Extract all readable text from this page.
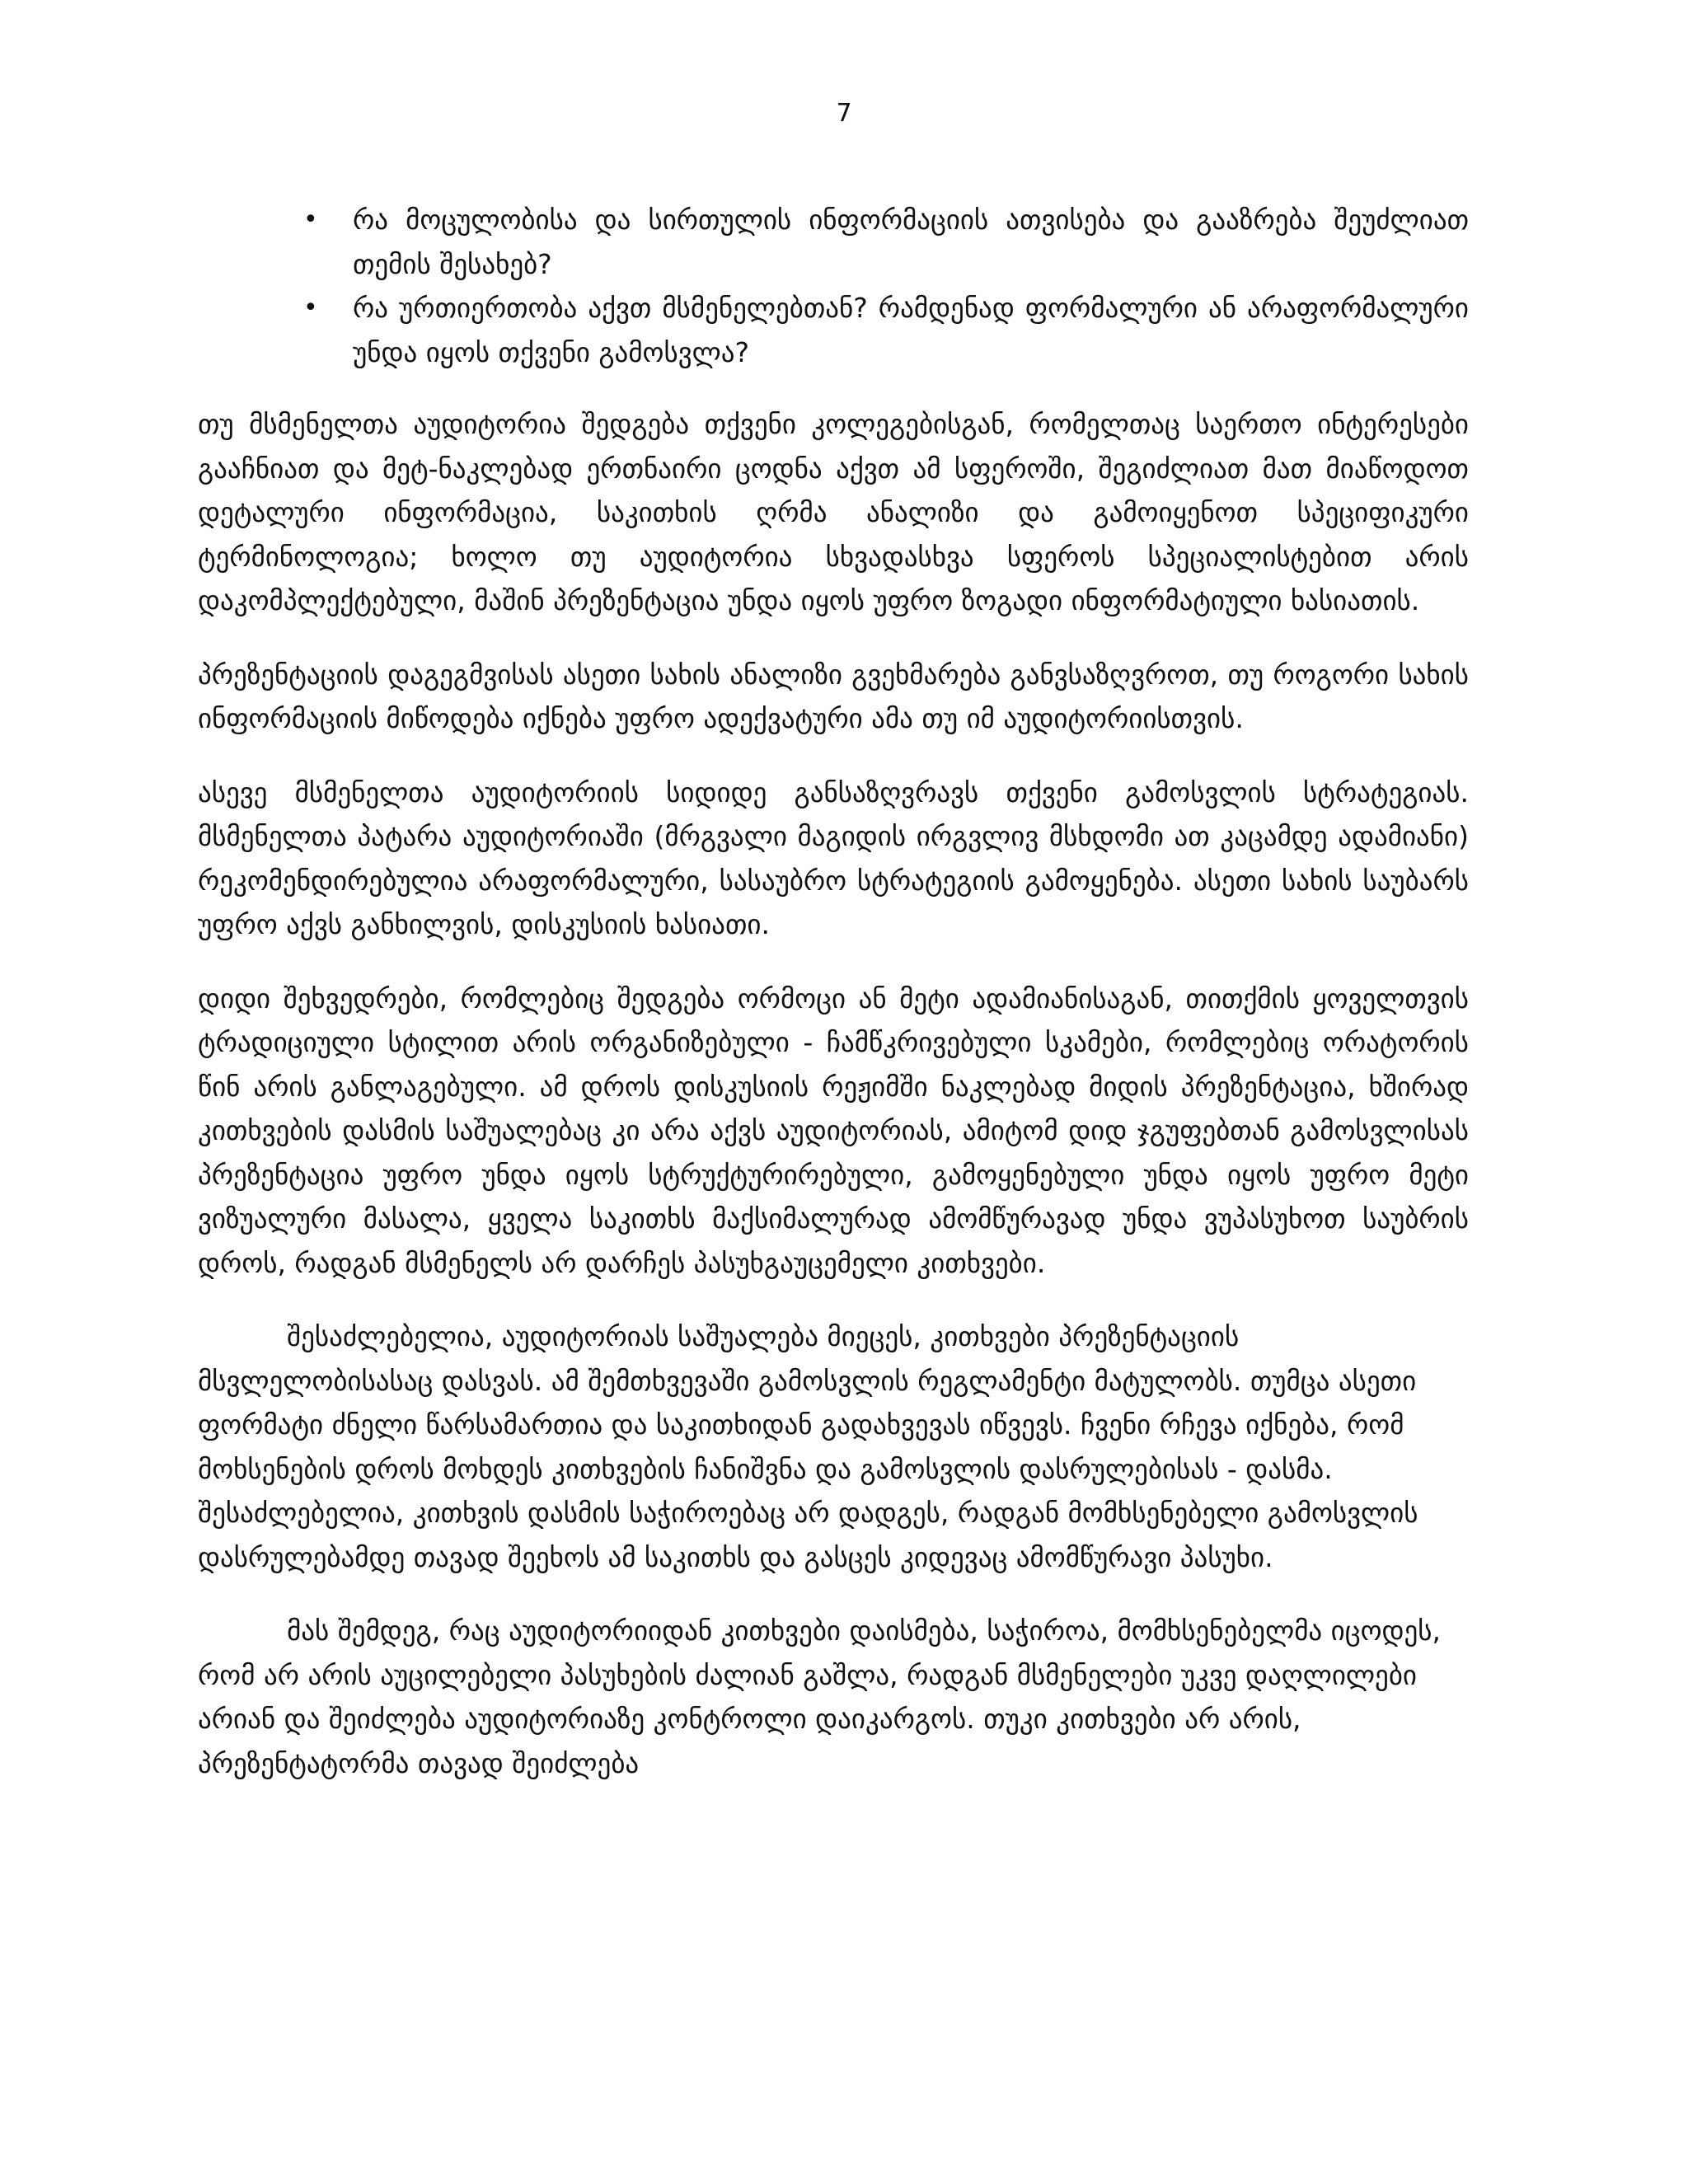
7
• რა მოცულობისა და სირთულის ინფორმაციის ათვისება და გააზრება შეუძლიათ თემის შესახებ?
• რა ურთიერთობა აქვთ მსმენელებთან? რამდენად ფორმალური ან არაფორმალური უნდა იყოს თქვენი გამოსვლა?

თუ მსმენელთა აუდიტორია შედგება თქვენი კოლეგებისგან, რომელთაც საერთო ინტერესები გააჩნიათ და მეტ-ნაკლებად ერთნაირი ცოდნა აქვთ ამ სფეროში, შეგიძლიათ მათ მიაწოდოთ დეტალური ინფორმაცია, საკითხის ღრმა ანალიზი და გამოიყენოთ სპეციფიკური ტერმინოლოგია; ხოლო თუ აუდიტორია სხვადასხვა სფეროს სპეციალისტებით არის დაკომპლექტებული, მაშინ პრეზენტაცია უნდა იყოს უფრო ზოგადი ინფორმატიული ხასიათის.

პრეზენტაციის დაგეგმვისას ასეთი სახის ანალიზი გვეხმარება განვსაზღვროთ, თუ როგორი სახის ინფორმაციის მიწოდება იქნება უფრო ადექვატური ამა თუ იმ აუდიტორიისთვის.

ასევე მსმენელთა აუდიტორიის სიდიდე განსაზღვრავს თქვენი გამოსვლის სტრატეგიას. მსმენელთა პატარა აუდიტორიაში (მრგვალი მაგიდის ირგვლივ მსხდომი ათ კაცამდე ადამიანი) რეკომენდირებულია არაფორმალური, სასაუბრო სტრატეგიის გამოყენება. ასეთი სახის საუბარს უფრო აქვს განხილვის, დისკუსიის ხასიათი.

დიდი შეხვედრები, რომლებიც შედგება ორმოცი ან მეტი ადამიანისაგან, თითქმის ყოველთვის ტრადიციული სტილით არის ორგანიზებული - ჩამწკრივებული სკამები, რომლებიც ორატორის წინ არის განლაგებული. ამ დროს დისკუსიის რეჟიმში ნაკლებად მიდის პრეზენტაცია, ხშირად კითხვების დასმის საშუალებაც კი არა აქვს აუდიტორიას, ამიტომ დიდ ჯგუფებთან გამოსვლისას პრეზენტაცია უფრო უნდა იყოს სტრუქტურირებული, გამოყენებული უნდა იყოს უფრო მეტი ვიზუალური მასალა, ყველა საკითხს მაქსიმალურად ამომწურავად უნდა ვუპასუხოთ საუბრის დროს, რადგან მსმენელს არ დარჩეს პასუხგაუცემელი კითხვები.

შესაძლებელია, აუდიტორიას საშუალება მიეცეს, კითხვები პრეზენტაციის მსვლელობისასაც დასვას. ამ შემთხვევაში გამოსვლის რეგლამენტი მატულობს. თუმცა ასეთი ფორმატი ძნელი წარსამართია და საკითხიდან გადახვევას იწვევს. ჩვენი რჩევა იქნება, რომ მოხსენების დროს მოხდეს კითხვების ჩანიშვნა და გამოსვლის დასრულებისას - დასმა. შესაძლებელია, კითხვის დასმის საჭიროებაც არ დადგეს, რადგან მომხსენებელი გამოსვლის დასრულებამდე თავად შეეხოს ამ საკითხს და გასცეს კიდევაც ამომწურავი პასუხი.

მას შემდეგ, რაც აუდიტორიიდან კითხვები დაისმება, საჭიროა, მომხსენებელმა იცოდეს, რომ არ არის აუცილებელი პასუხების ძალიან გაშლა, რადგან მსმენელები უკვე დაღლილები არიან და შეიძლება აუდიტორიაზე კონტროლი დაიკარგოს. თუკი კითხვები არ არის, პრეზენტატორმა თავად შეიძლება
